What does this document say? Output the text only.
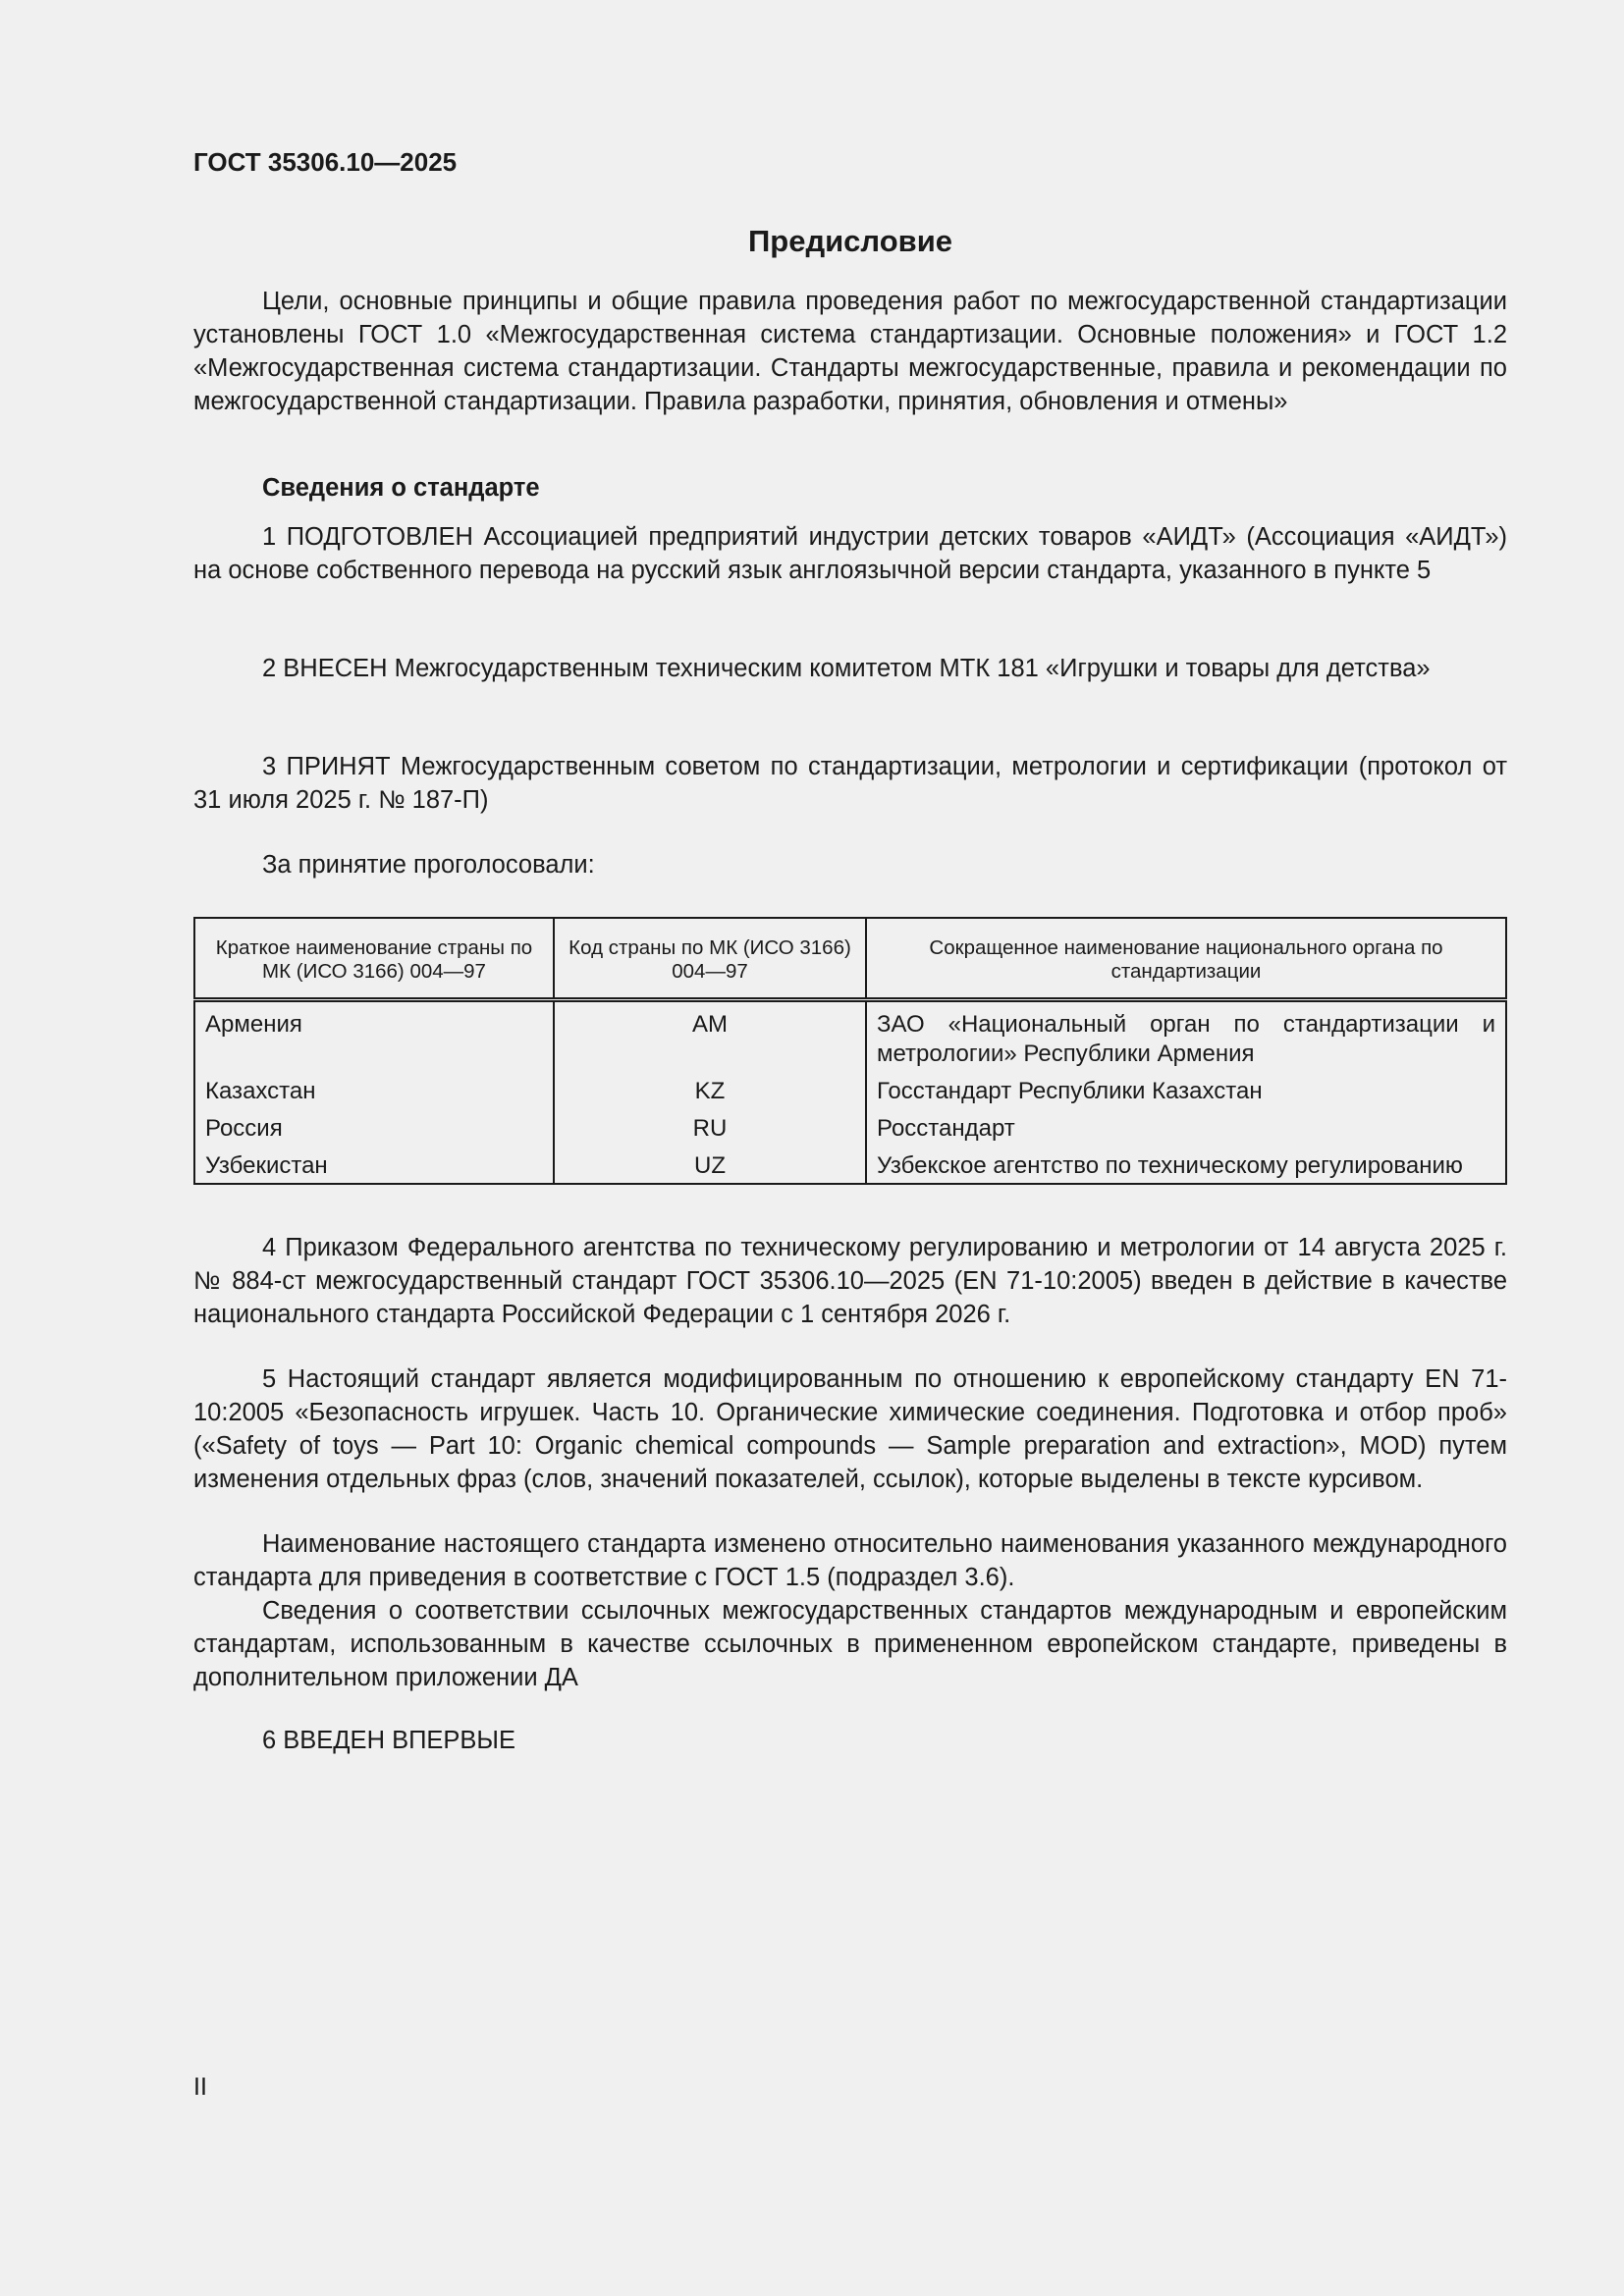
ГОСТ 35306.10—2025
Предисловие

Цели, основные принципы и общие правила проведения работ по межгосударственной стандартизации установлены ГОСТ 1.0 «Межгосударственная система стандартизации. Основные положения» и ГОСТ 1.2 «Межгосударственная система стандартизации. Стандарты межгосударственные, правила и рекомендации по межгосударственной стандартизации. Правила разработки, принятия, обновления и отмены»

Сведения о стандарте

1 ПОДГОТОВЛЕН Ассоциацией предприятий индустрии детских товаров «АИДТ» (Ассоциация «АИДТ») на основе собственного перевода на русский язык англоязычной версии стандарта, указанного в пункте 5

2 ВНЕСЕН Межгосударственным техническим комитетом МТК 181 «Игрушки и товары для детства»

3 ПРИНЯТ Межгосударственным советом по стандартизации, метрологии и сертификации (протокол от 31 июля 2025 г. № 187-П)

За принятие проголосовали:

Краткое наименование страны по МК (ИСО 3166) 004—97	Код страны по МК (ИСО 3166) 004—97	Сокращенное наименование национального органа по стандартизации
Армения	AM	ЗАО «Национальный орган по стандартизации и метрологии» Республики Армения
Казахстан	KZ	Госстандарт Республики Казахстан
Россия	RU	Росстандарт
Узбекистан	UZ	Узбекское агентство по техническому регулированию

4 Приказом Федерального агентства по техническому регулированию и метрологии от 14 августа 2025 г. № 884-ст межгосударственный стандарт ГОСТ 35306.10—2025 (EN 71-10:2005) введен в действие в качестве национального стандарта Российской Федерации с 1 сентября 2026 г.

5 Настоящий стандарт является модифицированным по отношению к европейскому стандарту EN 71-10:2005 «Безопасность игрушек. Часть 10. Органические химические соединения. Подготовка и отбор проб» («Safety of toys — Part 10: Organic chemical compounds — Sample preparation and extraction», MOD) путем изменения отдельных фраз (слов, значений показателей, ссылок), которые выделены в тексте курсивом.

Наименование настоящего стандарта изменено относительно наименования указанного международного стандарта для приведения в соответствие с ГОСТ 1.5 (подраздел 3.6).

Сведения о соответствии ссылочных межгосударственных стандартов международным и европейским стандартам, использованным в качестве ссылочных в примененном европейском стандарте, приведены в дополнительном приложении ДА

6 ВВЕДЕН ВПЕРВЫЕ

II
